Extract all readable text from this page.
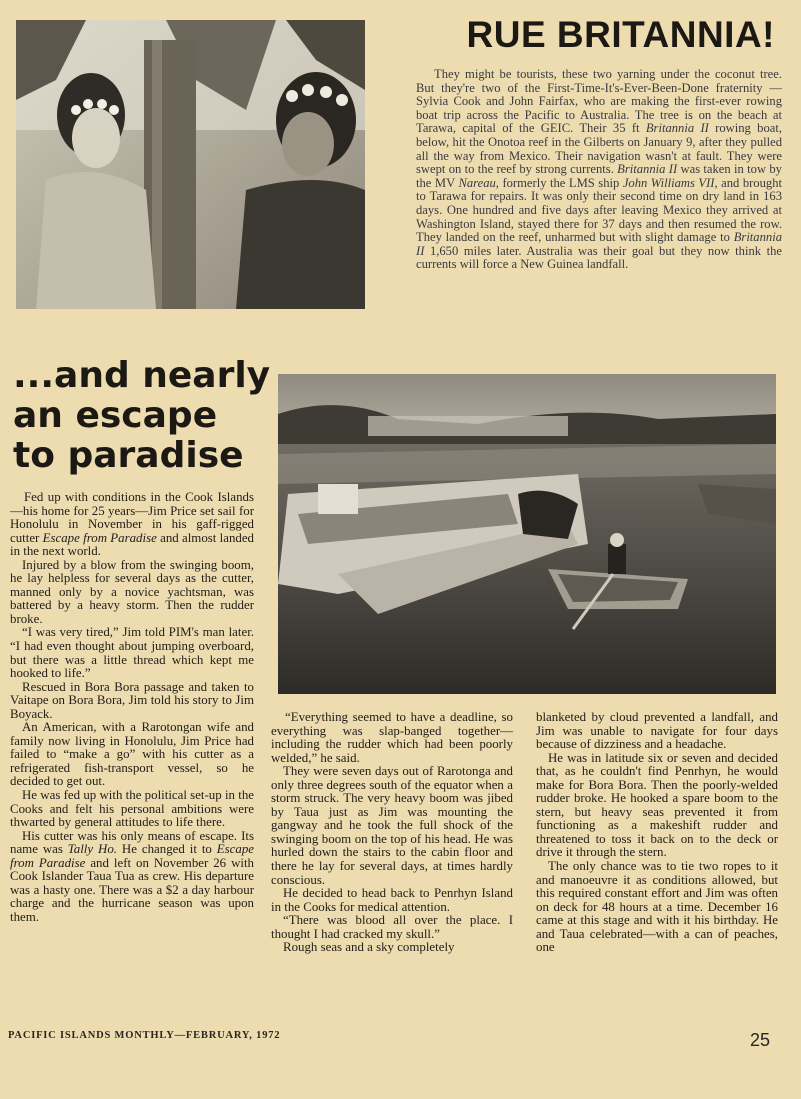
RUE BRITANNIA!

They might be tourists, these two yarning under the coconut tree. But they're two of the First-Time-It's-Ever-Been-Done fraternity — Sylvia Cook and John Fairfax, who are making the first-ever rowing boat trip across the Pacific to Australia. The tree is on the beach at Tarawa, capital of the GEIC. Their 35 ft Britannia II rowing boat, below, hit the Onotoa reef in the Gilberts on January 9, after they pulled all the way from Mexico. Their navigation wasn't at fault. They were swept on to the reef by strong currents. Britannia II was taken in tow by the MV Nareau, formerly the LMS ship John Williams VII, and brought to Tarawa for repairs. It was only their second time on dry land in 163 days. One hundred and five days after leaving Mexico they arrived at Washington Island, stayed there for 37 days and then resumed the row. They landed on the reef, unharmed but with slight damage to Britannia II 1,650 miles later. Australia was their goal but they now think the currents will force a New Guinea landfall.

...and nearly
an escape
to paradise

Fed up with conditions in the Cook Islands—his home for 25 years—Jim Price set sail for Honolulu in November in his gaff-rigged cutter Escape from Paradise and almost landed in the next world.

Injured by a blow from the swinging boom, he lay helpless for several days as the cutter, manned only by a novice yachtsman, was battered by a heavy storm. Then the rudder broke.

“I was very tired,” Jim told PIM's man later. “I had even thought about jumping overboard, but there was a little thread which kept me hooked to life.”

Rescued in Bora Bora passage and taken to Vaitape on Bora Bora, Jim told his story to Jim Boyack.

An American, with a Rarotongan wife and family now living in Honolulu, Jim Price had failed to “make a go” with his cutter as a refrigerated fish-transport vessel, so he decided to get out.

He was fed up with the political set-up in the Cooks and felt his personal ambitions were thwarted by general attitudes to life there.

His cutter was his only means of escape. Its name was Tally Ho. He changed it to Escape from Paradise and left on November 26 with Cook Islander Taua Tua as crew. His departure was a hasty one. There was a $2 a day harbour charge and the hurricane season was upon them.

“Everything seemed to have a deadline, so everything was slap-banged together—including the rudder which had been poorly welded,” he said.

They were seven days out of Rarotonga and only three degrees south of the equator when a storm struck. The very heavy boom was jibed by Taua just as Jim was mounting the gangway and he took the full shock of the swinging boom on the top of his head. He was hurled down the stairs to the cabin floor and there he lay for several days, at times hardly conscious.

He decided to head back to Penrhyn Island in the Cooks for medical attention.

“There was blood all over the place. I thought I had cracked my skull.”

Rough seas and a sky completely

blanketed by cloud prevented a landfall, and Jim was unable to navigate for four days because of dizziness and a headache.

He was in latitude six or seven and decided that, as he couldn't find Penrhyn, he would make for Bora Bora. Then the poorly-welded rudder broke. He hooked a spare boom to the stern, but heavy seas prevented it from functioning as a makeshift rudder and threatened to toss it back on to the deck or drive it through the stern.

The only chance was to tie two ropes to it and manoeuvre it as conditions allowed, but this required constant effort and Jim was often on deck for 48 hours at a time. December 16 came at this stage and with it his birthday. He and Taua celebrated—with a can of peaches, one

PACIFIC ISLANDS MONTHLY—FEBRUARY, 1972	25
